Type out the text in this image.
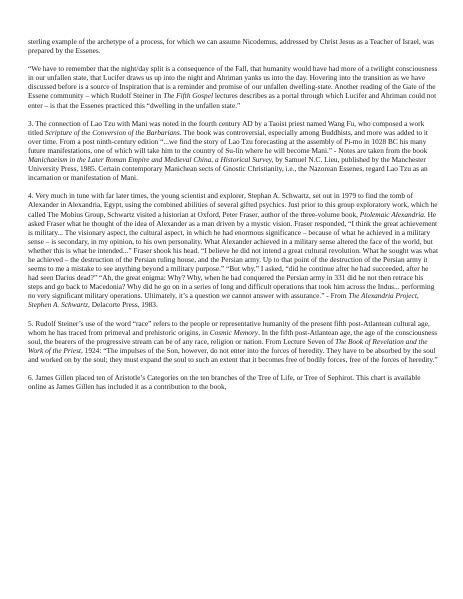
sterling example of the archetype of a process, for which we can assume Nicodemus, addressed by Christ Jesus as a Teacher of Israel, was prepared by the Essenes.

“We have to remember that the night/day split is a consequence of the Fall, that humanity would have had more of a twilight consciousness in our unfallen state, that Lucifer draws us up into the night and Ahriman yanks us into the day. Hovering into the transition as we have discussed before is a source of Inspiration that is a reminder and promise of our unfallen dwelling-state. Another reading of the Gate of the Essene community – which Rudolf Steiner in The Fifth Gospel lectures describes as a portal through which Lucifer and Ahriman could not enter – is that the Essenes practiced this “dwelling in the unfallen state.”

3. The connection of Lao Tzu with Mani was noted in the fourth century AD by a Taoist priest named Wang Fu, who composed a work titled Scripture of the Conversion of the Barbarians. The book was controversial, especially among Buddhists, and more was added to it over time. From a post ninth-century edition “...we find the story of Lao Tzu forecasting at the assembly of Pi-mo in 1028 BC his many future manifestations, one of which will take him to the country of Su-lin where he will become Mani.” - Notes are taken from the book Manichaeism in the Later Roman Empire and Medieval China, a Historical Survey, by Samuel N.C. Lieu, published by the Manchester University Press, 1985. Certain contemporary Manichean sects of Gnostic Christianity, i.e., the Nazorean Essenes, regard Lao Tzu as an incarnation or manifestation of Mani.

4. Very much in tune with far later times, the young scientist and explorer, Stephan A. Schwartz, set out in 1979 to find the tomb of Alexander in Alexandria, Egypt, using the combined abilities of several gifted psychics. Just prior to this group exploratory work, which he called The Mobius Group, Schwartz visited a historian at Oxford, Peter Fraser, author of the three-volume book, Ptolemaic Alexandria. He asked Fraser what he thought of the idea of Alexander as a man driven by a mystic vision. Fraser responded, “I think the great achievement is military... The visionary aspect, the cultural aspect, in which he had enormous significance – because of what he achieved in a military sense – is secondary, in my opinion, to his own personality. What Alexander achieved in a military sense altered the face of the world, but whether this is what he intended...” Fraser shook his head. “I believe he did not intend a great cultural revolution. What he sought was what he achieved – the destruction of the Persian ruling house, and the Persian army. Up to that point of the destruction of the Persian army it seems to me a mistake to see anything beyond a military purpose.” “But why,” I asked, “did he continue after he had succeeded, after he had seen Darius dead?” “Ah, the great enigma: Why? Why, when he had conquered the Persian army in 331 did he not then retrace his steps and go back to Macedonia? Why did he go on in a series of long and difficult operations that took him across the Indus... performing no very significant military operations. Ultimately, it’s a question we cannot answer with assurance.” - From The Alexandria Project, Stephen A. Schwartz, Delacorte Press, 1983.

5. Rudolf Steiner’s use of the word “race” refers to the people or representative humanity of the present fifth post-Atlantean cultural age, whom he has traced from primeval and prehistoric origins, in Cosmic Memory. In the fifth post-Atlantean age, the age of the consciousness soul, the bearers of the progressive stream can be of any race, religion or nation. From Lecture Seven of The Book of Revelation and the Work of the Priest, 1924: “The impulses of the Son, however, do not enter into the forces of heredity. They have to be absorbed by the soul and worked on by the soul; they must expand the soul to such an extent that it becomes free of bodily forces, free of the forces of heredity.”

6. James Gillen placed ten of Aristotle’s Categories on the ten branches of the Tree of Life, or Tree of Sephirot. This chart is available online as James Gillen has included it as a contribution to the book,
